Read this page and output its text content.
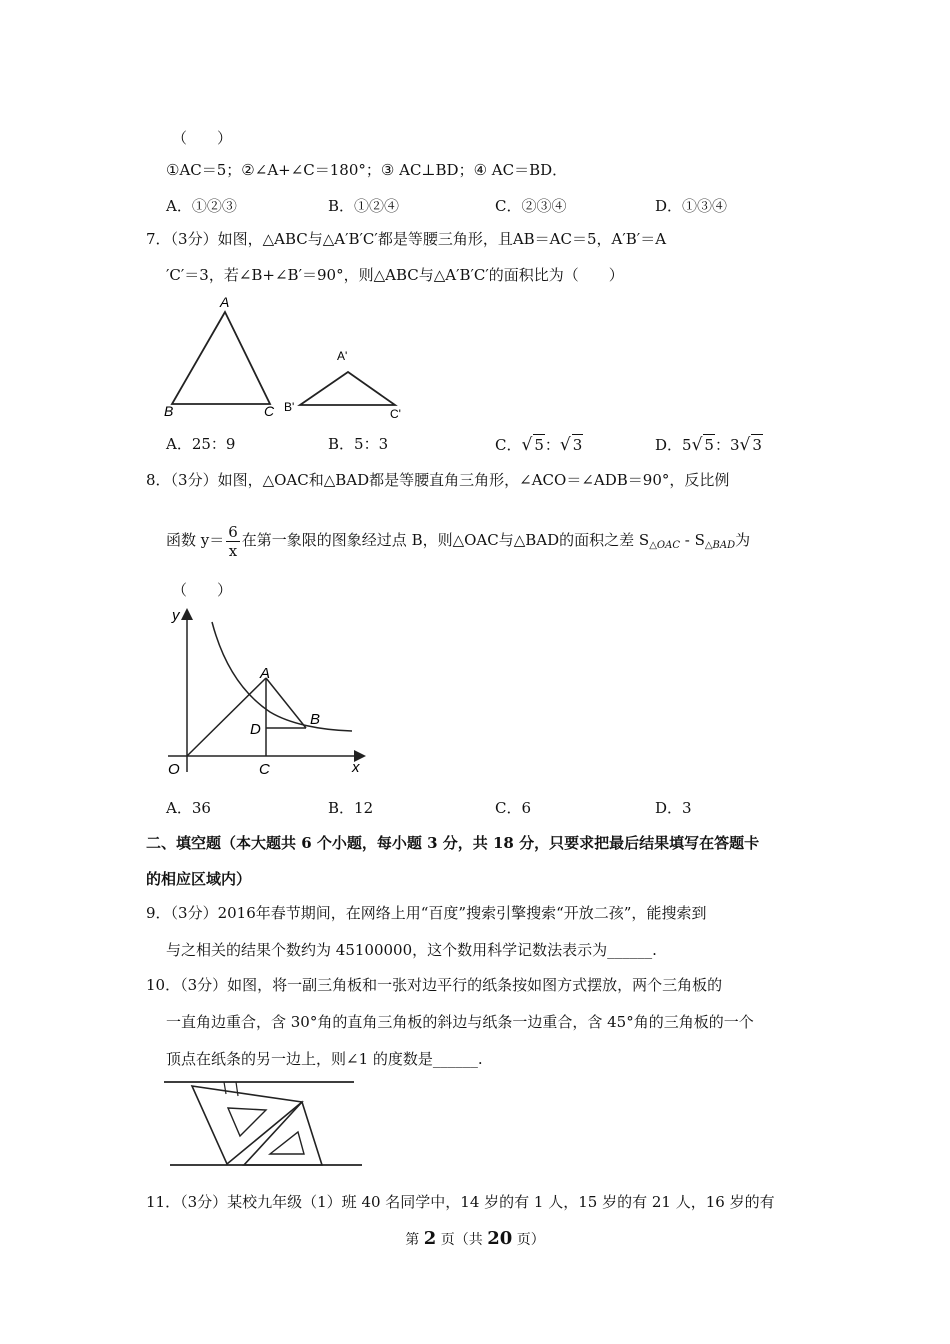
（　　）
①AC＝5；②∠A+∠C＝180°；③ AC⊥BD；④ AC＝BD．
A．①②③	B．①②④	C．②③④	D．①③④
7．（3分）如图，△ABC与△A′B′C′都是等腰三角形，且AB＝AC＝5，A′B′＝A
′C′＝3，若∠B+∠B′＝90°，则△ABC与△A′B′C′的面积比为（　　）
A
B	C
A'
B'	C'
A．25：9	B．5：3	C．√ 5：√ 3	D．5√ 5：3√ 3
8．（3分）如图，△OAC和△BAD都是等腰直角三角形，∠ACO＝∠ADB＝90°，反比例
函数 $y= \frac{6}{x}$ 在第一象限的图象经过点 B，则△OAC与△BAD的面积之差 $S_{\triangle OAC}$ ‐ $S_{\triangle BAD}$为
（　　）
y
x
O
A
B
C
D
A．36	B．12	C．6	D．3
二、填空题（本大题共 6 个小题，每小题 3 分，共 18 分，只要求把最后结果填写在答题卡
的相应区域内）
9．（3分）2016年春节期间，在网络上用“百度”搜索引擎搜索“开放二孩”，能搜索到
与之相关的结果个数约为 45100000，这个数用科学记数法表示为______.
10．（3分）如图，将一副三角板和一张对边平行的纸条按如图方式摆放，两个三角板的
一直角边重合，含 30°角的直角三角板的斜边与纸条一边重合，含 45°角的三角板的一个
顶点在纸条的另一边上，则∠1 的度数是______.
11．（3分）某校九年级（1）班 40 名同学中，14 岁的有 1 人，15 岁的有 21 人，16 岁的有
第 2 页（共 20 页）
